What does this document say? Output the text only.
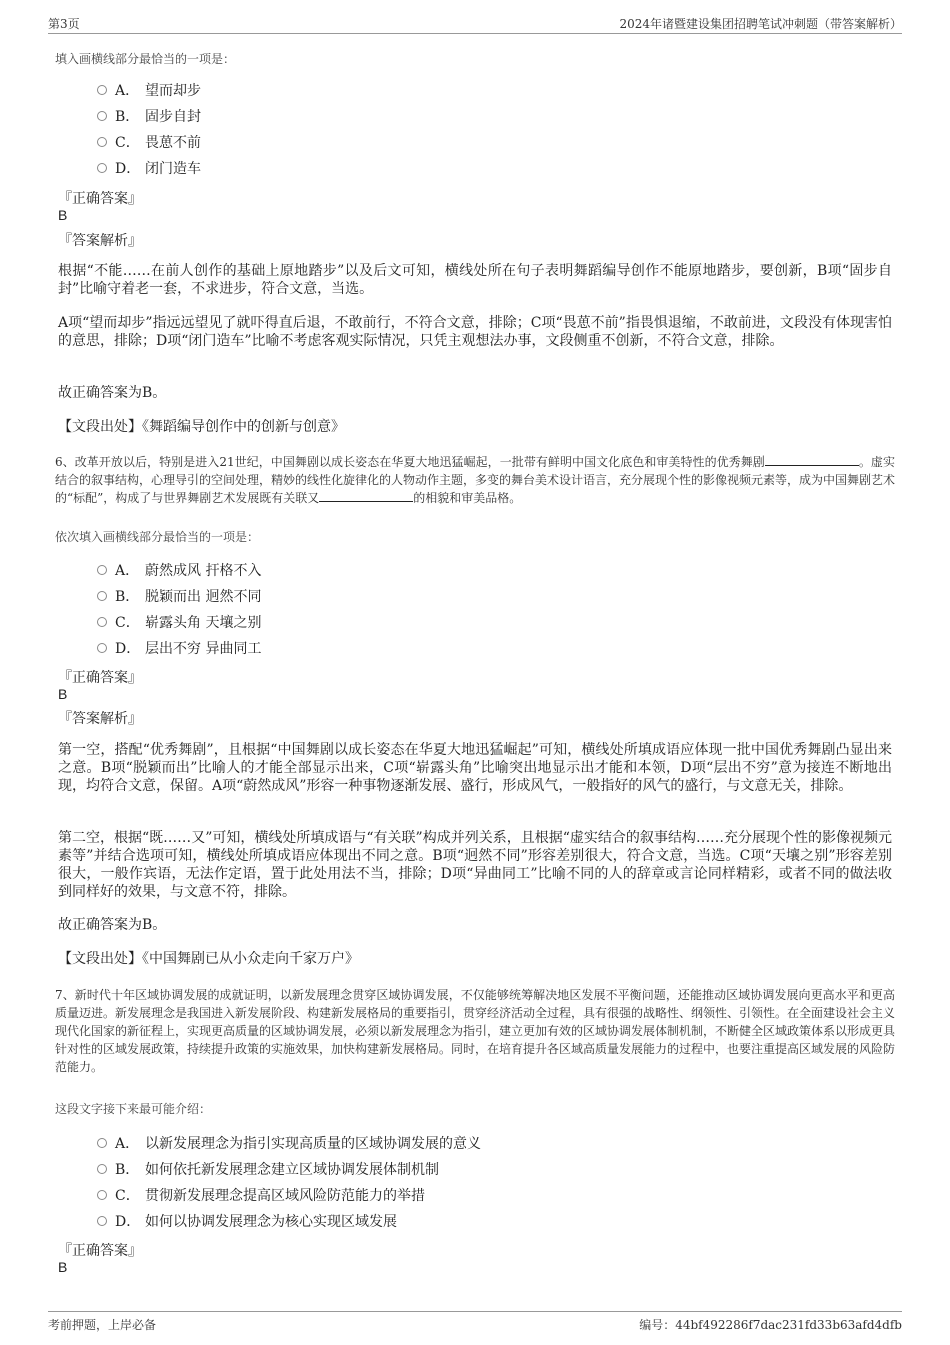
第3页	2024年诸暨建设集团招聘笔试冲刺题（带答案解析）
填入画横线部分最恰当的一项是：
A． 望而却步
B． 固步自封
C． 畏葸不前
D． 闭门造车
『正确答案』
B
『答案解析』
根据“不能……在前人创作的基础上原地踏步”以及后文可知，横线处所在句子表明舞蹈编导创作不能原地踏步，要创新，B项“固步自封”比喻守着老一套，不求进步，符合文意，当选。
A项“望而却步”指远远望见了就吓得直后退，不敢前行，不符合文意，排除；C项“畏葸不前”指畏惧退缩，不敢前进，文段没有体现害怕的意思，排除；D项“闭门造车”比喻不考虑客观实际情况，只凭主观想法办事，文段侧重不创新，不符合文意，排除。
故正确答案为B。
【文段出处】《舞蹈编导创作中的创新与创意》
6、改革开放以后，特别是进入21世纪，中国舞剧以成长姿态在华夏大地迅猛崛起，一批带有鲜明中国文化底色和审美特性的优秀舞剧	。虚实结合的叙事结构，心理导引的空间处理，精妙的线性化旋律化的人物动作主题，多变的舞台美术设计语言，充分展现个性的影像视频元素等，成为中国舞剧艺术的“标配”，构成了与世界舞剧艺术发展既有关联又	的相貌和审美品格。
依次填入画横线部分最恰当的一项是：
A． 蔚然成风 扞格不入
B． 脱颖而出 迥然不同
C． 崭露头角 天壤之别
D． 层出不穷 异曲同工
『正确答案』
B
『答案解析』
第一空，搭配“优秀舞剧”，且根据“中国舞剧以成长姿态在华夏大地迅猛崛起”可知，横线处所填成语应体现一批中国优秀舞剧凸显出来之意。B项“脱颖而出”比喻人的才能全部显示出来，C项“崭露头角”比喻突出地显示出才能和本领，D项“层出不穷”意为接连不断地出现，均符合文意，保留。A项“蔚然成风”形容一种事物逐渐发展、盛行，形成风气，一般指好的风气的盛行，与文意无关，排除。
第二空，根据“既……又”可知，横线处所填成语与“有关联”构成并列关系，且根据“虚实结合的叙事结构……充分展现个性的影像视频元素等”并结合选项可知，横线处所填成语应体现出不同之意。B项“迥然不同”形容差别很大，符合文意，当选。C项“天壤之别”形容差别很大，一般作宾语，无法作定语，置于此处用法不当，排除；D项“异曲同工”比喻不同的人的辞章或言论同样精彩，或者不同的做法收到同样好的效果，与文意不符，排除。
故正确答案为B。
【文段出处】《中国舞剧已从小众走向千家万户》
7、新时代十年区域协调发展的成就证明，以新发展理念贯穿区域协调发展，不仅能够统筹解决地区发展不平衡问题，还能推动区域协调发展向更高水平和更高质量迈进。新发展理念是我国进入新发展阶段、构建新发展格局的重要指引，贯穿经济活动全过程，具有很强的战略性、纲领性、引领性。在全面建设社会主义现代化国家的新征程上，实现更高质量的区域协调发展，必须以新发展理念为指引，建立更加有效的区域协调发展体制机制，不断健全区域政策体系以形成更具针对性的区域发展政策，持续提升政策的实施效果，加快构建新发展格局。同时，在培育提升各区域高质量发展能力的过程中，也要注重提高区域发展的风险防范能力。
这段文字接下来最可能介绍：
A． 以新发展理念为指引实现高质量的区域协调发展的意义
B． 如何依托新发展理念建立区域协调发展体制机制
C． 贯彻新发展理念提高区域风险防范能力的举措
D． 如何以协调发展理念为核心实现区域发展
『正确答案』
B
考前押题，上岸必备	编号：44bf492286f7dac231fd33b63afd4dfb
